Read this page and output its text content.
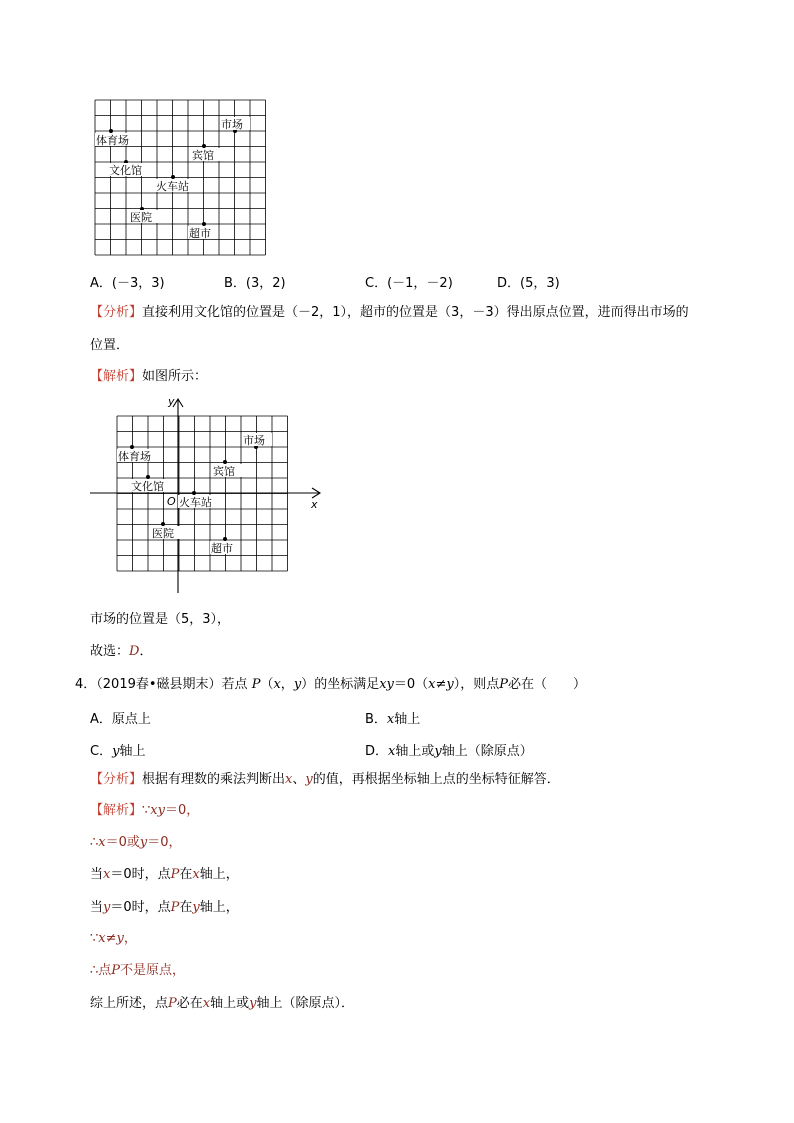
体育场
文化馆
火车站
医院
超市
宾馆
市场
A．(－3，3)	B．(3，2)	C．(－1，－2)	D．(5，3)
【分析】直接利用文化馆的位置是（－2，1），超市的位置是（3，－3）得出原点位置，进而得出市场的
位置．
【解析】如图所示：
x
y
O
体育场
文化馆
火车站
医院
超市
宾馆
市场
市场的位置是（5，3），
故选：D．
4．（2019春•磁县期末）若点 P（x，y）的坐标满足xy＝0（x≠y），则点P必在（　　）
A．原点上	B．x轴上
C．y轴上	D．x轴上或y轴上（除原点）
【分析】根据有理数的乘法判断出x、y的值，再根据坐标轴上点的坐标特征解答．
【解析】∵xy＝0，
∴x＝0或y＝0，
当x＝0时，点P在x轴上，
当y＝0时，点P在y轴上，
∵x≠y，
∴点P不是原点，
综上所述，点P必在x轴上或y轴上（除原点）．
